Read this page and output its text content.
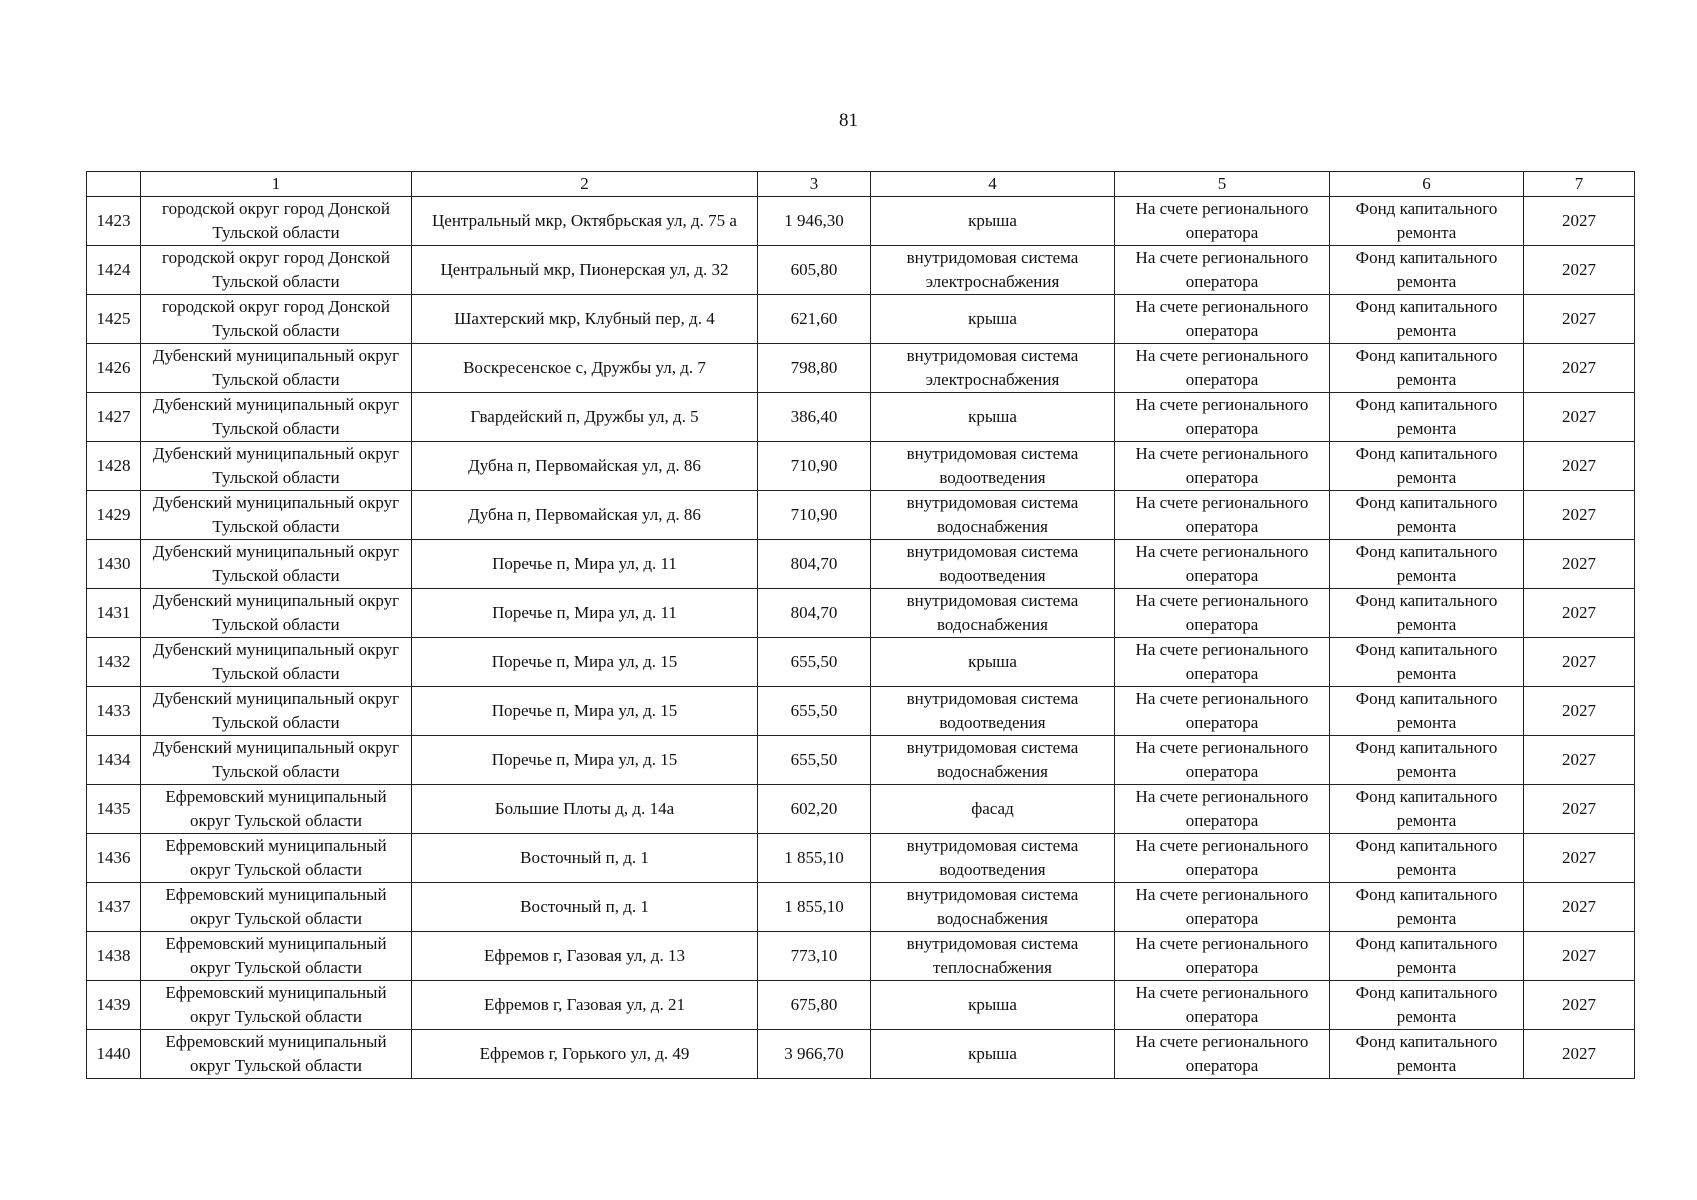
81
	1	2	3	4	5	6	7
1423	городской округ город Донской Тульской области	Центральный мкр, Октябрьская ул, д. 75 а	1 946,30	крыша	На счете регионального оператора	Фонд капитального ремонта	2027
1424	городской округ город Донской Тульской области	Центральный мкр, Пионерская ул, д. 32	605,80	внутридомовая система электроснабжения	На счете регионального оператора	Фонд капитального ремонта	2027
1425	городской округ город Донской Тульской области	Шахтерский мкр, Клубный пер, д. 4	621,60	крыша	На счете регионального оператора	Фонд капитального ремонта	2027
1426	Дубенский муниципальный округ Тульской области	Воскресенское с, Дружбы ул, д. 7	798,80	внутридомовая система электроснабжения	На счете регионального оператора	Фонд капитального ремонта	2027
1427	Дубенский муниципальный округ Тульской области	Гвардейский п, Дружбы ул, д. 5	386,40	крыша	На счете регионального оператора	Фонд капитального ремонта	2027
1428	Дубенский муниципальный округ Тульской области	Дубна п, Первомайская ул, д. 86	710,90	внутридомовая система водоотведения	На счете регионального оператора	Фонд капитального ремонта	2027
1429	Дубенский муниципальный округ Тульской области	Дубна п, Первомайская ул, д. 86	710,90	внутридомовая система водоснабжения	На счете регионального оператора	Фонд капитального ремонта	2027
1430	Дубенский муниципальный округ Тульской области	Поречье п, Мира ул, д. 11	804,70	внутридомовая система водоотведения	На счете регионального оператора	Фонд капитального ремонта	2027
1431	Дубенский муниципальный округ Тульской области	Поречье п, Мира ул, д. 11	804,70	внутридомовая система водоснабжения	На счете регионального оператора	Фонд капитального ремонта	2027
1432	Дубенский муниципальный округ Тульской области	Поречье п, Мира ул, д. 15	655,50	крыша	На счете регионального оператора	Фонд капитального ремонта	2027
1433	Дубенский муниципальный округ Тульской области	Поречье п, Мира ул, д. 15	655,50	внутридомовая система водоотведения	На счете регионального оператора	Фонд капитального ремонта	2027
1434	Дубенский муниципальный округ Тульской области	Поречье п, Мира ул, д. 15	655,50	внутридомовая система водоснабжения	На счете регионального оператора	Фонд капитального ремонта	2027
1435	Ефремовский муниципальный округ Тульской области	Большие Плоты д, д. 14а	602,20	фасад	На счете регионального оператора	Фонд капитального ремонта	2027
1436	Ефремовский муниципальный округ Тульской области	Восточный п, д. 1	1 855,10	внутридомовая система водоотведения	На счете регионального оператора	Фонд капитального ремонта	2027
1437	Ефремовский муниципальный округ Тульской области	Восточный п, д. 1	1 855,10	внутридомовая система водоснабжения	На счете регионального оператора	Фонд капитального ремонта	2027
1438	Ефремовский муниципальный округ Тульской области	Ефремов г, Газовая ул, д. 13	773,10	внутридомовая система теплоснабжения	На счете регионального оператора	Фонд капитального ремонта	2027
1439	Ефремовский муниципальный округ Тульской области	Ефремов г, Газовая ул, д. 21	675,80	крыша	На счете регионального оператора	Фонд капитального ремонта	2027
1440	Ефремовский муниципальный округ Тульской области	Ефремов г, Горького ул, д. 49	3 966,70	крыша	На счете регионального оператора	Фонд капитального ремонта	2027
